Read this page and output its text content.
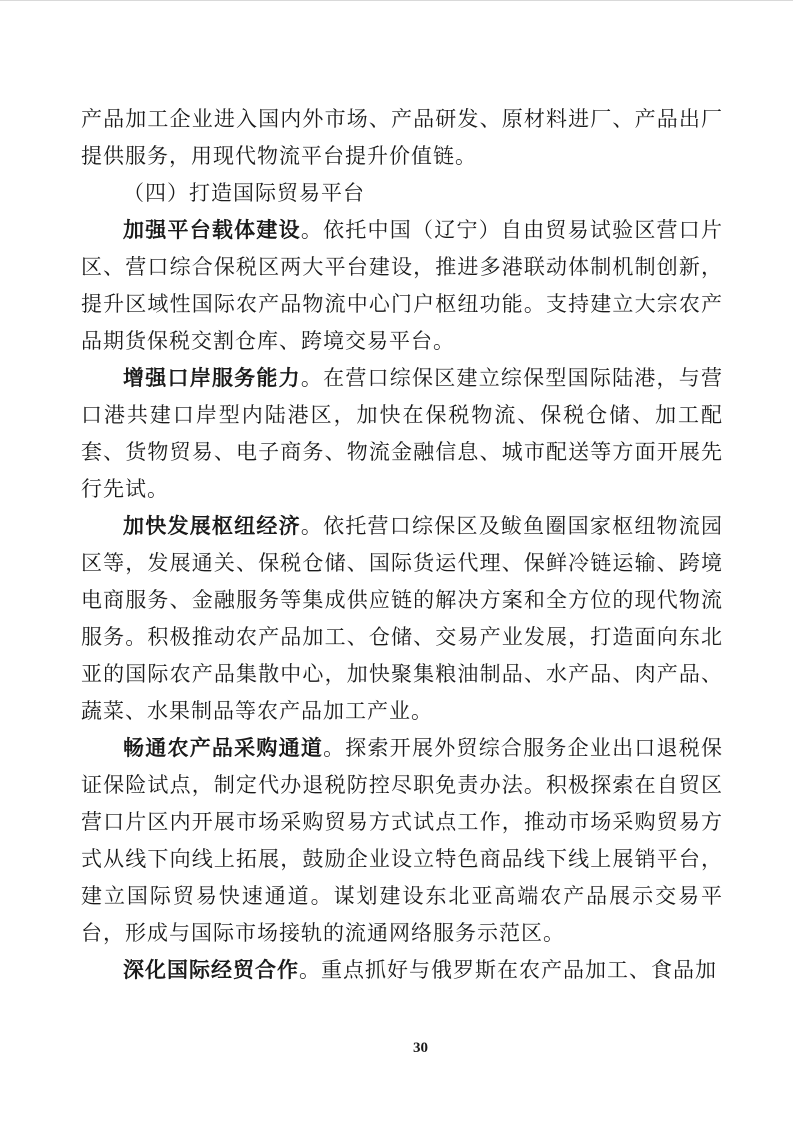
产品加工企业进入国内外市场、产品研发、原材料进厂、产品出厂提供服务，用现代物流平台提升价值链。

（四）打造国际贸易平台

加强平台载体建设。依托中国（辽宁）自由贸易试验区营口片区、营口综合保税区两大平台建设，推进多港联动体制机制创新，提升区域性国际农产品物流中心门户枢纽功能。支持建立大宗农产品期货保税交割仓库、跨境交易平台。

增强口岸服务能力。在营口综保区建立综保型国际陆港，与营口港共建口岸型内陆港区，加快在保税物流、保税仓储、加工配套、货物贸易、电子商务、物流金融信息、城市配送等方面开展先行先试。

加快发展枢纽经济。依托营口综保区及鲅鱼圈国家枢纽物流园区等，发展通关、保税仓储、国际货运代理、保鲜冷链运输、跨境电商服务、金融服务等集成供应链的解决方案和全方位的现代物流服务。积极推动农产品加工、仓储、交易产业发展，打造面向东北亚的国际农产品集散中心，加快聚集粮油制品、水产品、肉产品、蔬菜、水果制品等农产品加工产业。

畅通农产品采购通道。探索开展外贸综合服务企业出口退税保证保险试点，制定代办退税防控尽职免责办法。积极探索在自贸区营口片区内开展市场采购贸易方式试点工作，推动市场采购贸易方式从线下向线上拓展，鼓励企业设立特色商品线下线上展销平台，建立国际贸易快速通道。谋划建设东北亚高端农产品展示交易平台，形成与国际市场接轨的流通网络服务示范区。

深化国际经贸合作。重点抓好与俄罗斯在农产品加工、食品加

30
